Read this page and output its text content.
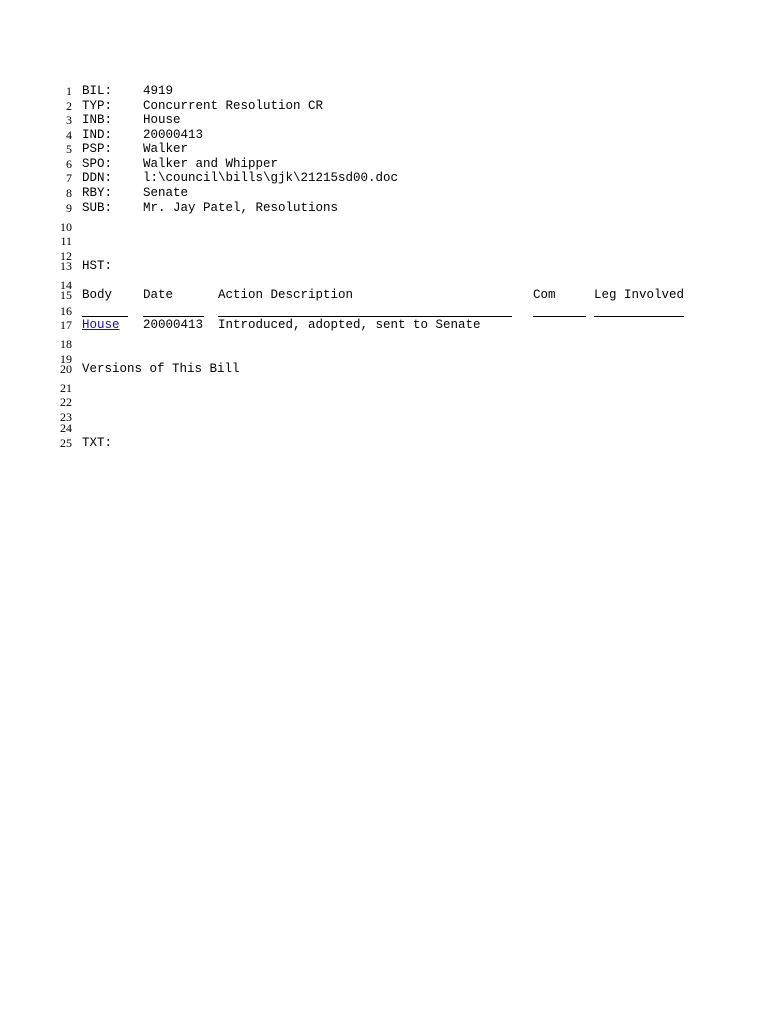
1
2
3
4
5
6
7
8
9
10
11
12
13
14
15
16
17
18
19
20
21
22
23
24
25
BIL: 4919
TYP: Concurrent Resolution CR
INB: House
IND: 20000413
PSP: Walker
SPO: Walker and Whipper
DDN: l:\council\bills\gjk\21215sd00.doc
RBY: Senate
SUB: Mr. Jay Patel, Resolutions
HST:
Body Date	Action Description	Com	Leg Involved
House 20000413 Introduced, adopted, sent to Senate
Versions of This Bill
TXT:
